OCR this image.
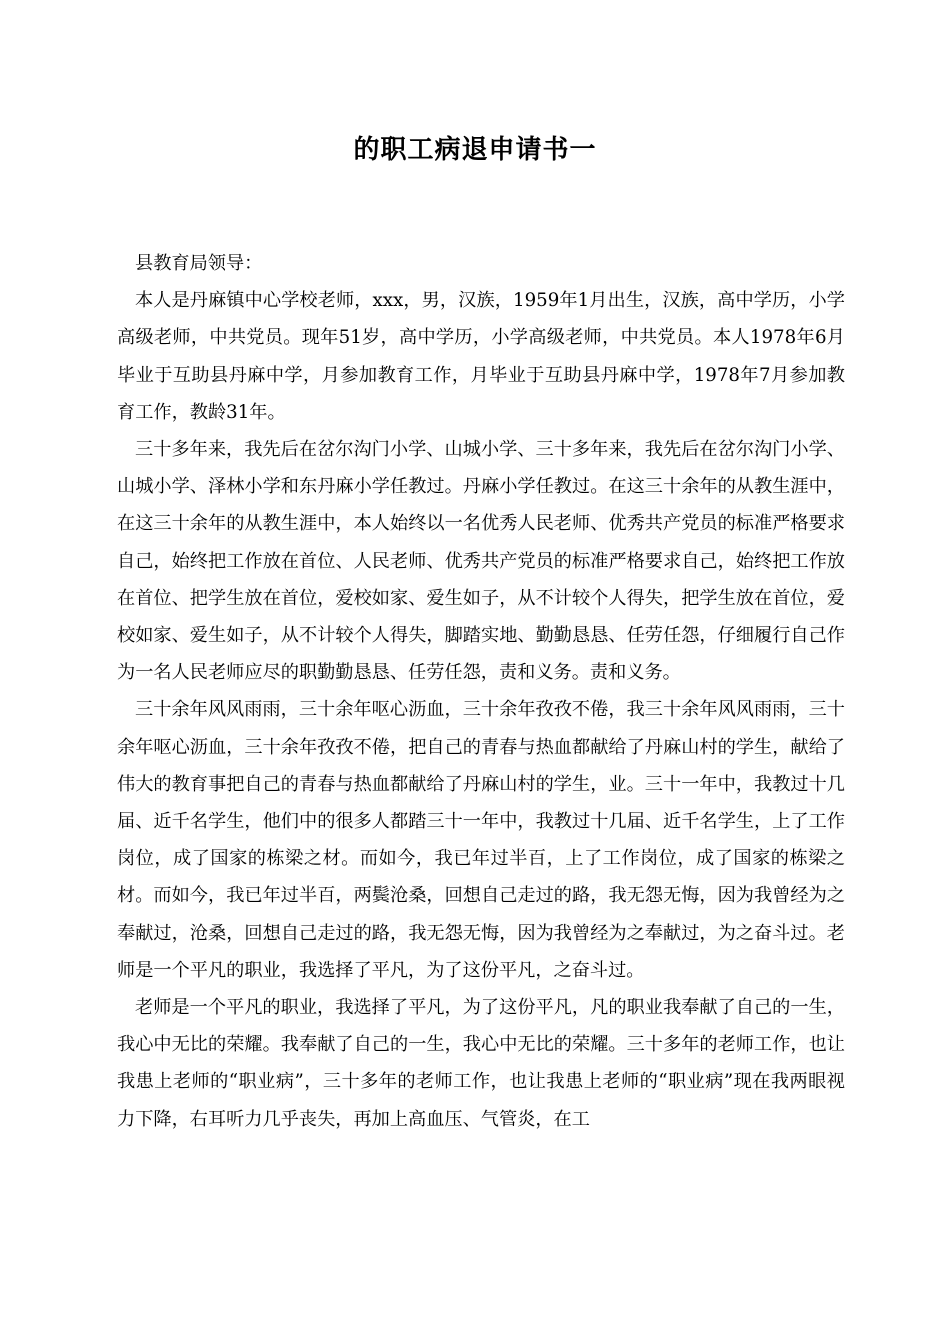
的职工病退申请书一

县教育局领导：

本人是丹麻镇中心学校老师，xxx，男，汉族，1959年1月出生，汉族，高中学历，小学高级老师，中共党员。现年51岁，高中学历，小学高级老师，中共党员。本人1978年6月毕业于互助县丹麻中学，月参加教育工作，月毕业于互助县丹麻中学，1978年7月参加教育工作，教龄31年。

三十多年来，我先后在岔尔沟门小学、山城小学、三十多年来，我先后在岔尔沟门小学、山城小学、泽林小学和东丹麻小学任教过。丹麻小学任教过。在这三十余年的从教生涯中，在这三十余年的从教生涯中，本人始终以一名优秀人民老师、优秀共产党员的标准严格要求自己，始终把工作放在首位、人民老师、优秀共产党员的标准严格要求自己，始终把工作放在首位、把学生放在首位，爱校如家、爱生如子，从不计较个人得失，把学生放在首位，爱校如家、爱生如子，从不计较个人得失，脚踏实地、勤勤恳恳、任劳任怨，仔细履行自己作为一名人民老师应尽的职勤勤恳恳、任劳任怨，责和义务。责和义务。

三十余年风风雨雨，三十余年呕心沥血，三十余年孜孜不倦，我三十余年风风雨雨，三十余年呕心沥血，三十余年孜孜不倦，把自己的青春与热血都献给了丹麻山村的学生，献给了伟大的教育事把自己的青春与热血都献给了丹麻山村的学生，业。三十一年中，我教过十几届、近千名学生，他们中的很多人都踏三十一年中，我教过十几届、近千名学生，上了工作岗位，成了国家的栋梁之材。而如今，我已年过半百，上了工作岗位，成了国家的栋梁之材。而如今，我已年过半百，两鬓沧桑，回想自己走过的路，我无怨无悔，因为我曾经为之奉献过，沧桑，回想自己走过的路，我无怨无悔，因为我曾经为之奉献过，为之奋斗过。老师是一个平凡的职业，我选择了平凡，为了这份平凡，之奋斗过。

老师是一个平凡的职业，我选择了平凡，为了这份平凡，凡的职业我奉献了自己的一生，我心中无比的荣耀。我奉献了自己的一生，我心中无比的荣耀。三十多年的老师工作，也让我患上老师的“职业病”，三十多年的老师工作，也让我患上老师的“职业病”现在我两眼视力下降，右耳听力几乎丧失，再加上高血压、气管炎，在工
